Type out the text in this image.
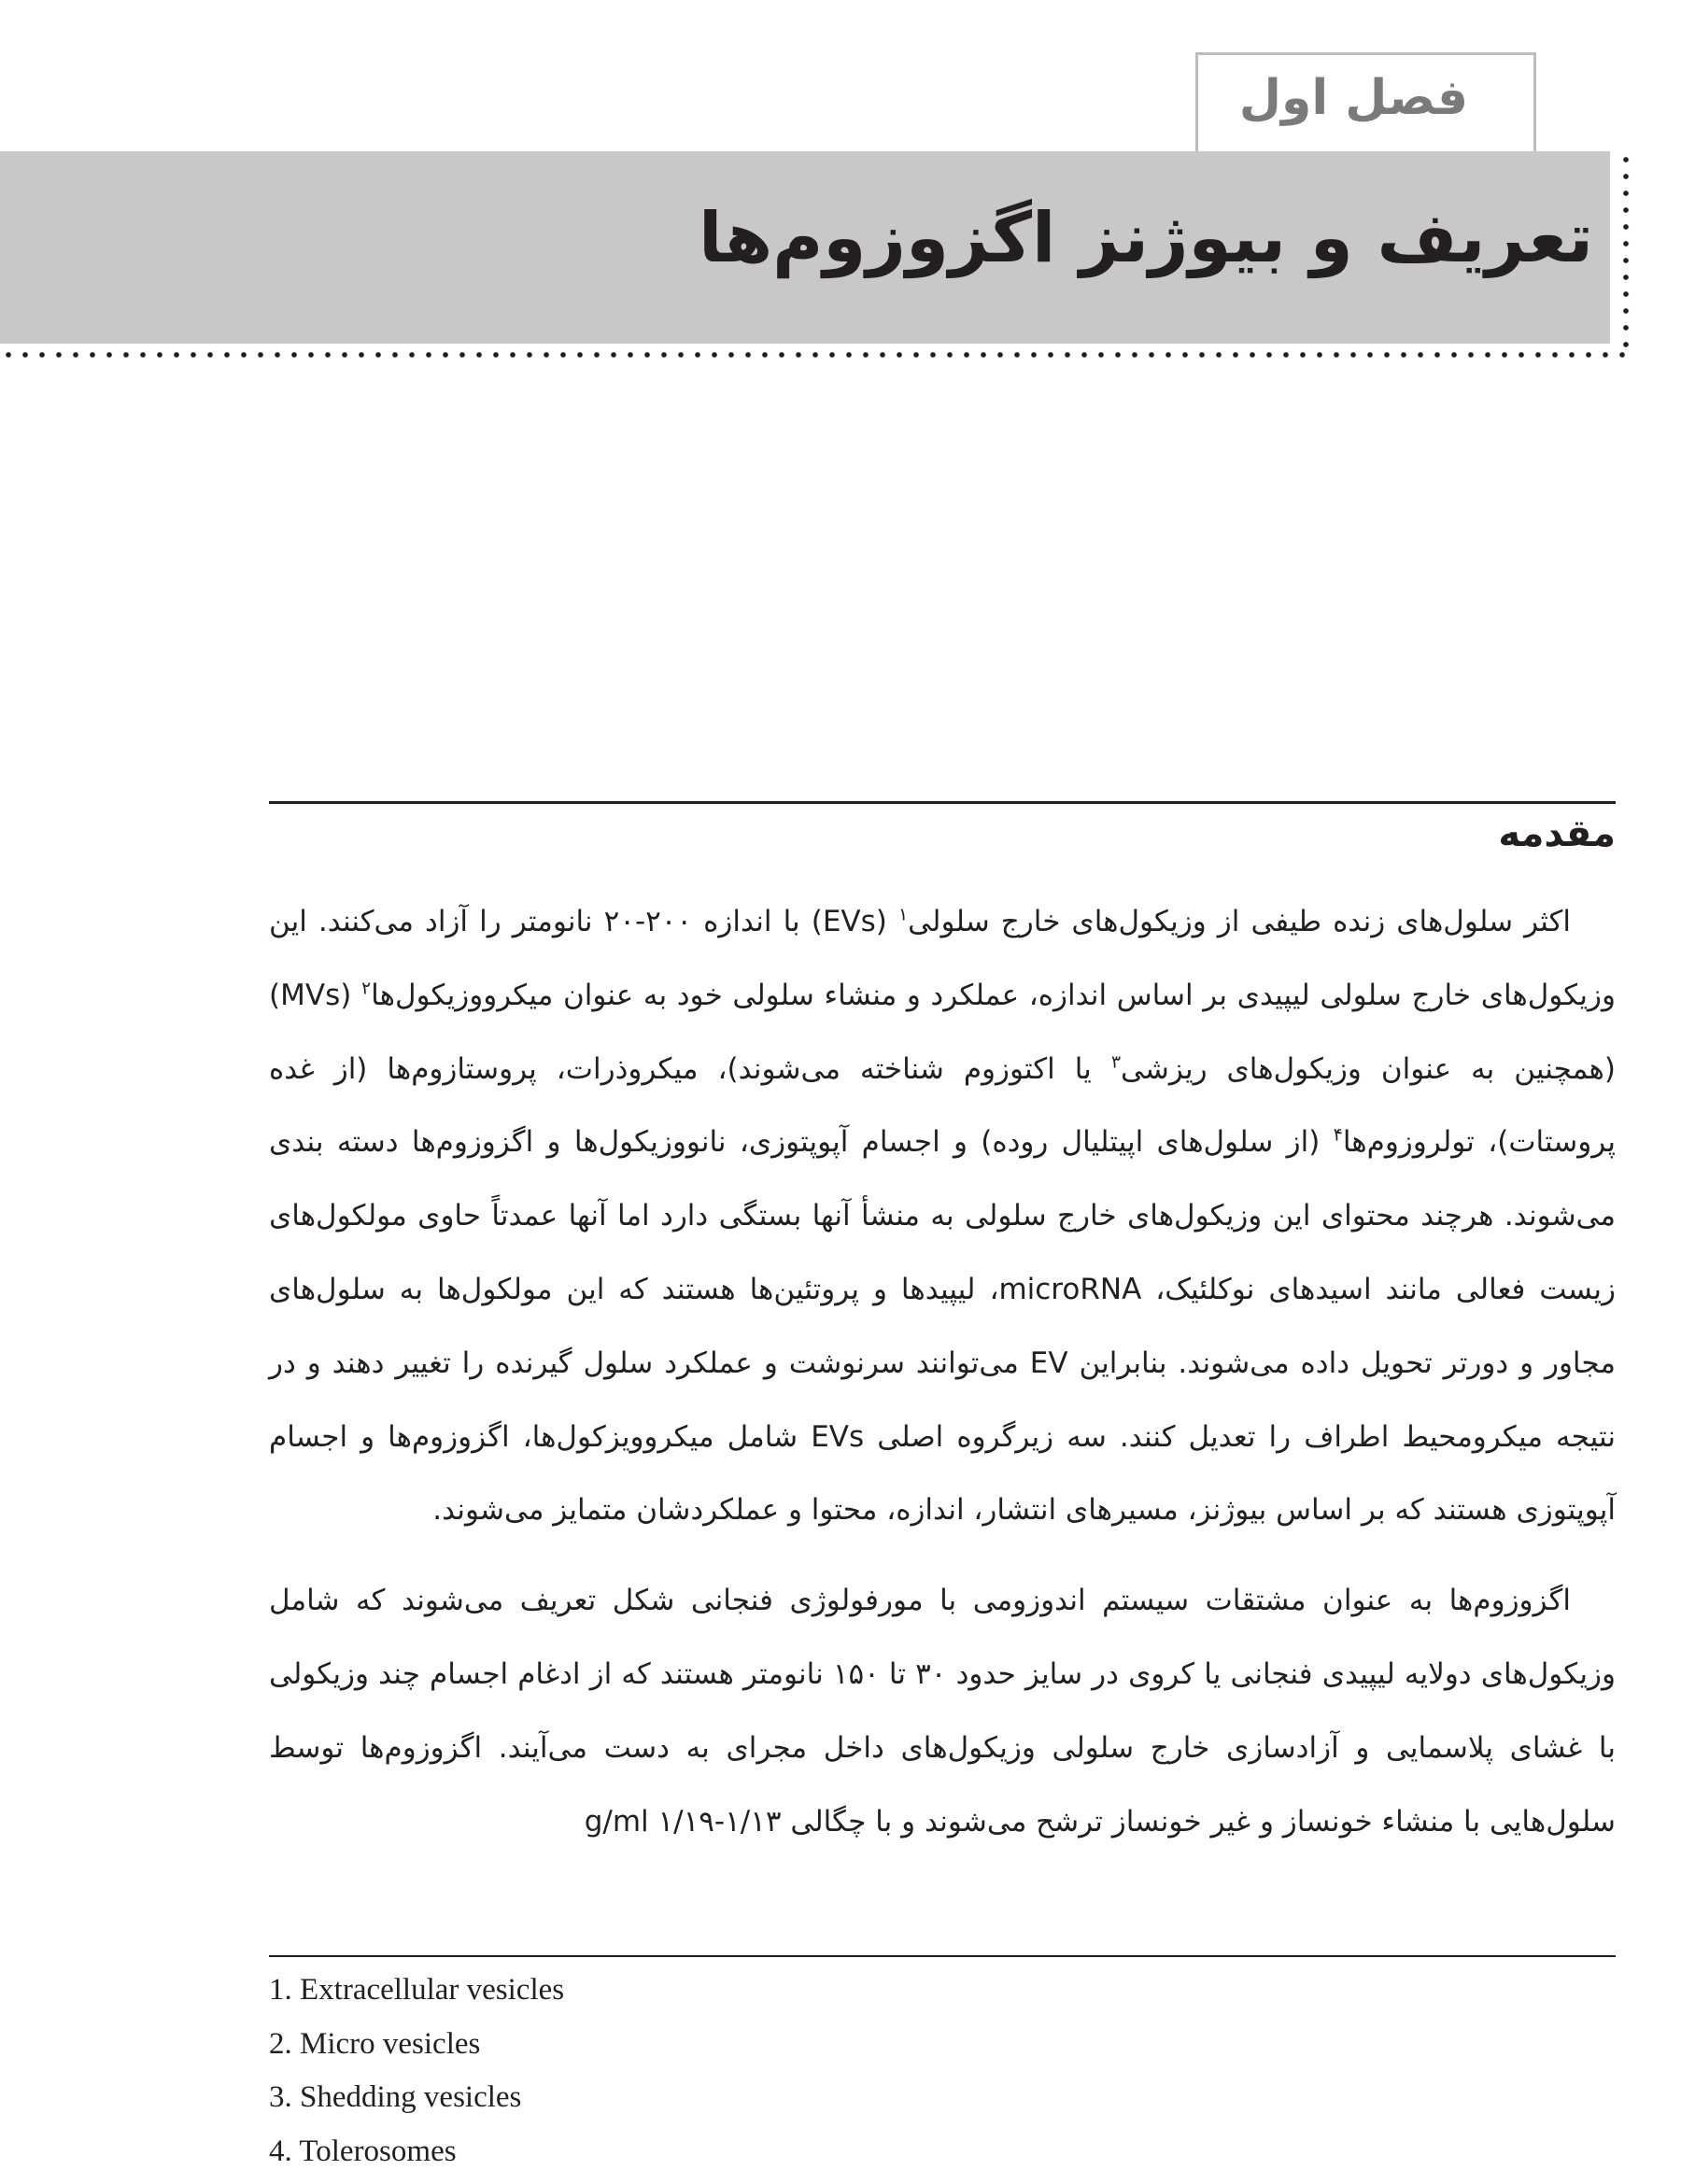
فصل اول
تعریف و بیوژنز اگزوزوم‌ها
مقدمه

اکثر سلول‌های زنده طیفی از وزیکول‌های خارج سلولی$^۱$ (EVs) با اندازه ۲۰۰-۲۰ نانومتر را آزاد می‌کنند. این وزیکول‌های خارج سلولی لیپیدی بر اساس اندازه، عملکرد و منشاء سلولی خود به عنوان میکرووزیکول‌ها$^۲$ (MVs) (همچنین به عنوان وزیکول‌های ریزشی$^۳$ یا اکتوزوم شناخته می‌شوند)، میکروذرات، پروستازوم‌ها (از غده پروستات)، تولروزوم‌ها$^۴$ (از سلول‌های اپیتلیال روده) و اجسام آپوپتوزی، نانووزیکول‌ها و اگزوزوم‌ها دسته بندی می‌شوند. هرچند محتوای این وزیکول‌های خارج سلولی به منشأ آنها بستگی دارد اما آنها عمدتاً حاوی مولکول‌های زیست فعالی مانند اسیدهای نوکلئیک، microRNA، لیپیدها و پروتئین‌ها هستند که این مولکول‌ها به سلول‌های مجاور و دورتر تحویل داده می‌شوند. بنابراین EV می‌توانند سرنوشت و عملکرد سلول گیرنده را تغییر دهند و در نتیجه میکرومحیط اطراف را تعدیل کنند. سه زیرگروه اصلی EVs شامل میکروویزکول‌ها، اگزوزوم‌ها و اجسام آپوپتوزی هستند که بر اساس بیوژنز، مسیرهای انتشار، اندازه، محتوا و عملکردشان متمایز می‌شوند.

اگزوزوم‌ها به عنوان مشتقات سیستم اندوزومی با مورفولوژی فنجانی شکل تعریف می‌شوند که شامل وزیکول‌های دولایه لیپیدی فنجانی یا کروی در سایز حدود ۳۰ تا ۱۵۰ نانومتر هستند که از ادغام اجسام چند وزیکولی با غشای پلاسمایی و آزادسازی خارج سلولی وزیکول‌های داخل مجرای به دست می‌آیند. اگزوزوم‌ها توسط سلول‌هایی با منشاء خونساز و غیر خونساز ترشح می‌شوند و با چگالی g/ml ۱/۱۹-۱/۱۳

1. Extracellular vesicles
2. Micro vesicles
3. Shedding vesicles
4. Tolerosomes
